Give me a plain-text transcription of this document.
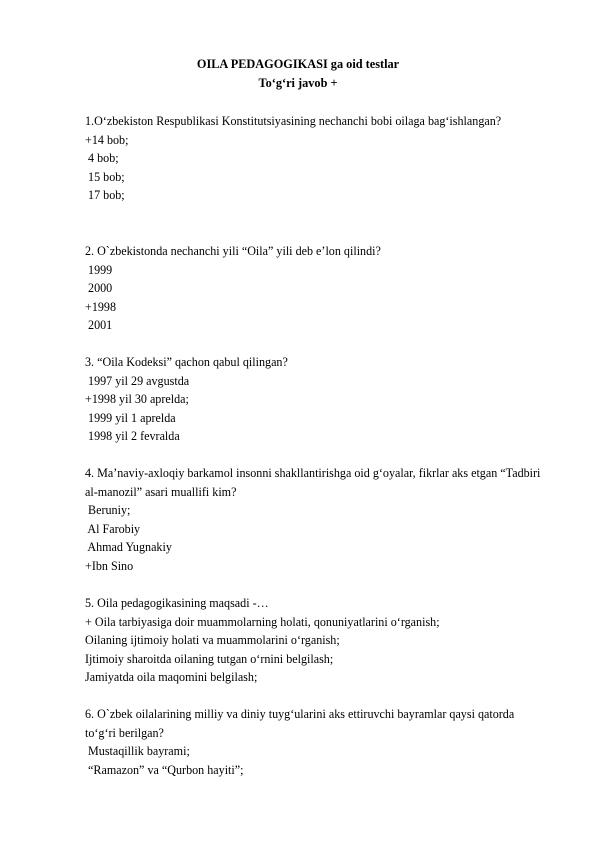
OILA PEDAGOGIKASI ga oid testlar
To‘g‘ri javob +
1.O‘zbekiston Respublikasi Konstitutsiyasining nechanchi bobi oilaga bag‘ishlangan?
+14 bob;
4 bob;
15 bob;
17 bob;
2. O`zbekistonda nechanchi yili “Oila” yili deb e’lon qilindi?
1999
2000
+1998
2001
3. “Oila Kodeksi” qachon qabul qilingan?
1997 yil 29 avgustda
+1998 yil 30 aprelda;
1999 yil 1 aprelda
1998 yil 2 fevralda
4. Ma’naviy-axloqiy barkamol insonni shakllantirishga oid g‘oyalar, fikrlar aks etgan “Tadbiri al-manozil” asari muallifi kim?
Beruniy;
Al Farobiy
Ahmad Yugnakiy
+Ibn Sino
5. Oila pedagogikasining maqsadi -…
+ Oila tarbiyasiga doir muammolarning holati, qonuniyatlarini o‘rganish;
Oilaning ijtimoiy holati va muammolarini o‘rganish;
Ijtimoiy sharoitda oilaning tutgan o‘rnini belgilash;
Jamiyatda oila maqomini belgilash;
6. O`zbek oilalarining milliy va diniy tuyg‘ularini aks ettiruvchi bayramlar qaysi qatorda to‘g‘ri berilgan?
Mustaqillik bayrami;
“Ramazon” va “Qurbon hayiti”;
